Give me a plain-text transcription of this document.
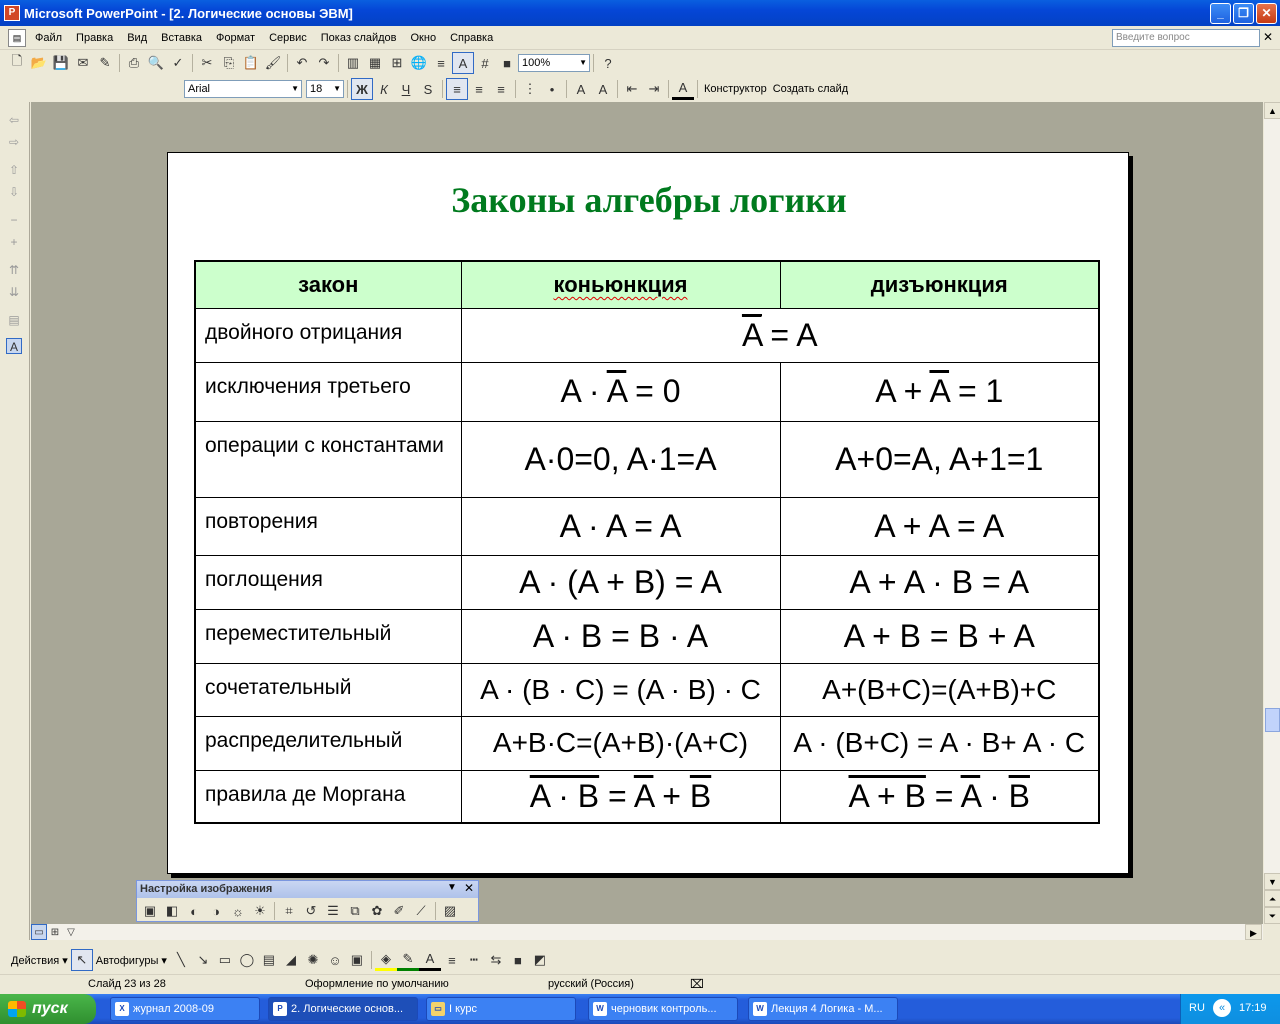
P Microsoft PowerPoint - [2. Логические основы ЭВМ]	_	❐	✕
Файл	Правка	Вид	Вставка	Формат	Сервис	Показ слайдов	Окно	Справка
▤	Введите вопрос	✕
🗋 📂 💾 ✉ ✎	⎙ 🔍 ✓	✂ ⎘ 📋 🖌	↶ ↷	▥ ▦ ⊞ 🌐 ≡	A	#	■	100%	▼	?
Arial	▼	18 ▼	Ж К	Ч	S	≡	≡	≡	⋮	•	A	A	⇤ ⇥	A	Конструктор Создать слайд
⇦
⇨
⇧
⇩
−
+
⇈
⇊
▤
A
Законы алгебры логики
закон	коньюнкция	дизъюнкция
двойного отрицания	$\overline{A} = A$	
исключения третьего	$A \cdot \overline{A} = 0$	$A + \overline{A} = 1$
операции с константами	A·0=0, A·1=A	A+0=A, A+1=1
повторения	A · A = A	A + A = A
поглощения	A · (A + B) = A	A + A · B = A
переместительный	A · B = B · A	A + B = B + A
сочетательный	A · (B · C) = (A · B) · C	A+(B+C)=(A+B)+C
распределительный	A+B·C=(A+B)·(A+C)	A · (B+C) = A · B+ A · C
правила де Моргана	$A \cdot B = \overline{A} + \overline{B}$	$A + B = \overline{A} \cdot \overline{B}$
▲
▼
⏶
⏷
Настройка изображения	▼ ✕
▣ ◧ ◐	◑ ☼ ☀	⌗ ↺ ☰ ⧉ ✿ ✐ ⟋	▨
▶
▭ ⊞ ▽
Действия ▾ ↖ Автофигуры ▾ ╲ ↘ ▭ ◯ ▤ ◢ ✺ ☺ ▣	◈ ✎ A	≡	┅ ⇆ ■ ◩
Слайд 23 из 28	Оформление по умолчанию	русский (Россия)	⌧
пуск	X журнал 2008-09	P 2. Логические основ...	▭ I курс	W черновик контроль...	W Лекция 4 Логика - М...	RU	«	17:19
